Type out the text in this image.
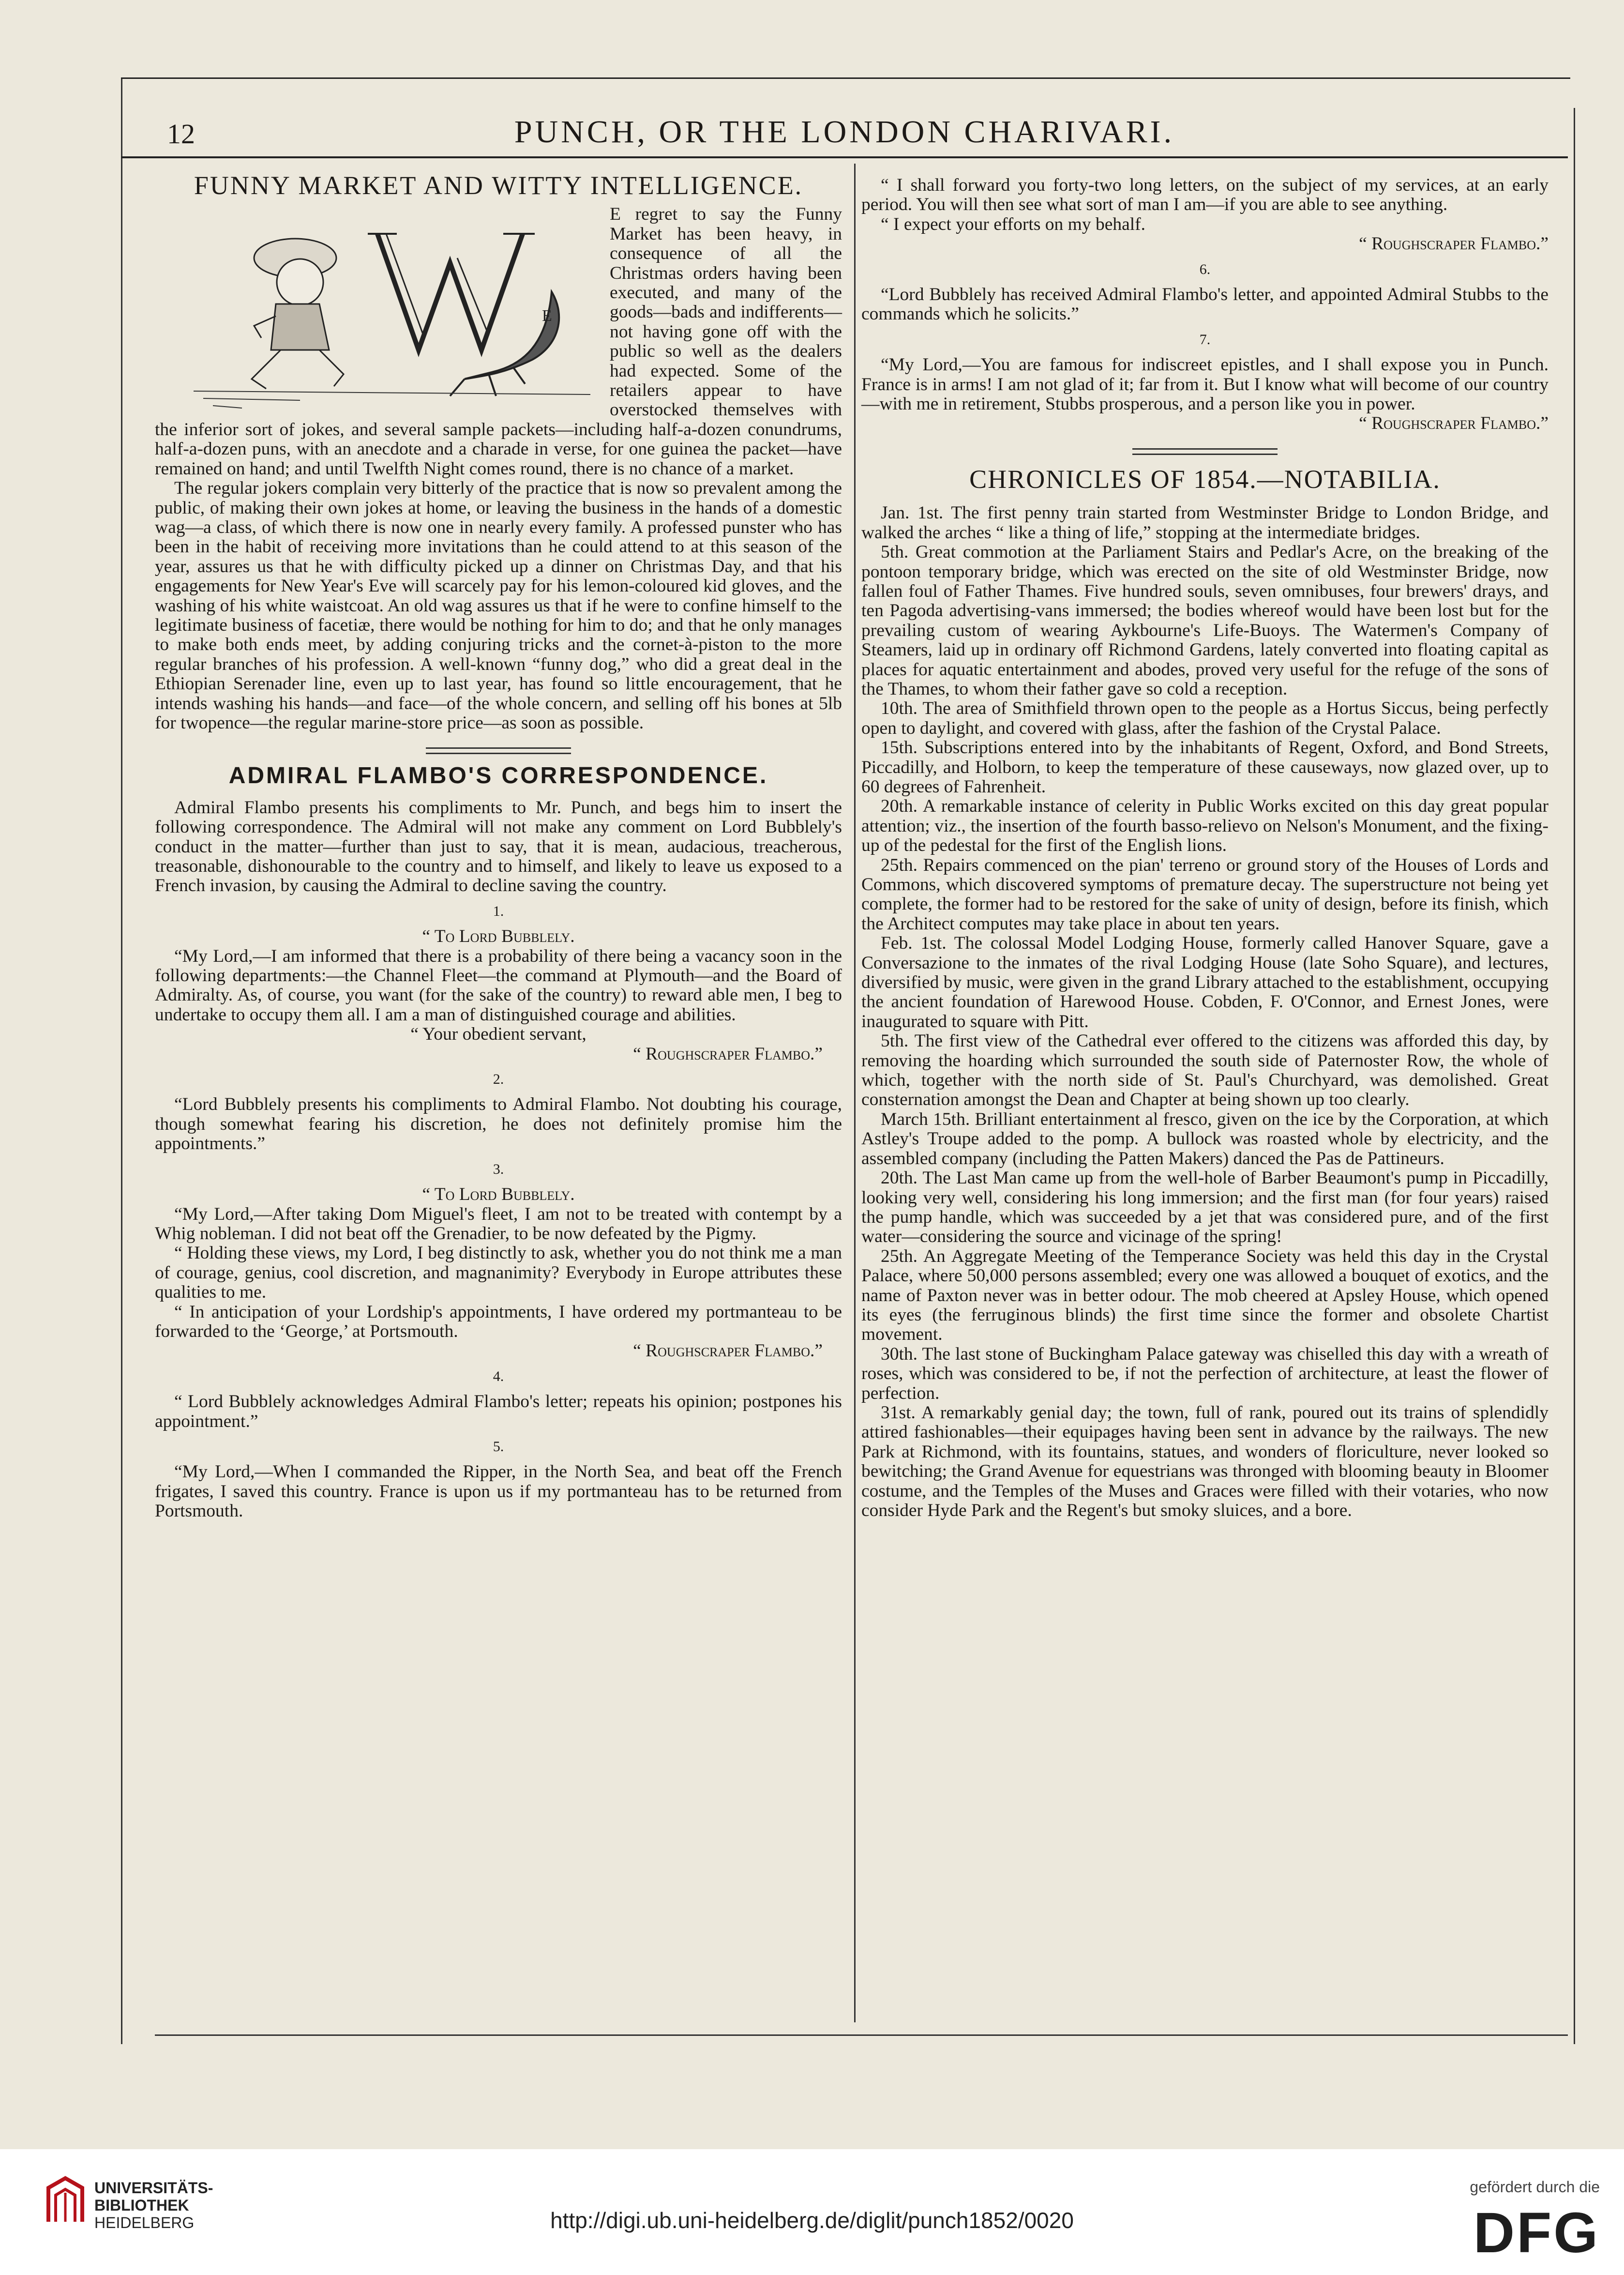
12	PUNCH, OR THE LONDON CHARIVARI.
FUNNY MARKET AND WITTY INTELLIGENCE.
E

E regret to say the Funny Market has been heavy, in consequence of all the Christmas orders having been executed, and many of the goods—bads and indifferents—not having gone off with the public so well as the dealers had expected. Some of the retailers appear to have overstocked themselves with the inferior sort of jokes, and several sample packets—including half-a-dozen conundrums, half-a-dozen puns, with an anecdote and a charade in verse, for one guinea the packet—have remained on hand; and until Twelfth Night comes round, there is no chance of a market.

The regular jokers complain very bitterly of the practice that is now so prevalent among the public, of making their own jokes at home, or leaving the business in the hands of a domestic wag—a class, of which there is now one in nearly every family. A professed punster who has been in the habit of receiving more invitations than he could attend to at this season of the year, assures us that he with difficulty picked up a dinner on Christmas Day, and that his engagements for New Year's Eve will scarcely pay for his lemon-coloured kid gloves, and the washing of his white waistcoat. An old wag assures us that if he were to confine himself to the legitimate business of facetiæ, there would be nothing for him to do; and that he only manages to make both ends meet, by adding conjuring tricks and the cornet-à-piston to the more regular branches of his profession. A well-known “funny dog,” who did a great deal in the Ethiopian Serenader line, even up to last year, has found so little encouragement, that he intends washing his hands—and face—of the whole concern, and selling off his bones at 5lb for twopence—the regular marine-store price—as soon as possible.

ADMIRAL FLAMBO'S CORRESPONDENCE.

Admiral Flambo presents his compliments to Mr. Punch, and begs him to insert the following correspondence. The Admiral will not make any comment on Lord Bubblely's conduct in the matter—further than just to say, that it is mean, audacious, treacherous, treasonable, dishonourable to the country and to himself, and likely to leave us exposed to a French invasion, by causing the Admiral to decline saving the country.

1.
“ To Lord Bubblely.

“My Lord,—I am informed that there is a probability of there being a vacancy soon in the following departments:—the Channel Fleet—the command at Plymouth—and the Board of Admiralty. As, of course, you want (for the sake of the country) to reward able men, I beg to undertake to occupy them all. I am a man of distinguished courage and abilities.

“ Your obedient servant,
“ Roughscraper Flambo.”
2.

“Lord Bubblely presents his compliments to Admiral Flambo. Not doubting his courage, though somewhat fearing his discretion, he does not definitely promise him the appointments.”

3.
“ To Lord Bubblely.

“My Lord,—After taking Dom Miguel's fleet, I am not to be treated with contempt by a Whig nobleman. I did not beat off the Grenadier, to be now defeated by the Pigmy.

“ Holding these views, my Lord, I beg distinctly to ask, whether you do not think me a man of courage, genius, cool discretion, and magnanimity? Everybody in Europe attributes these qualities to me.

“ In anticipation of your Lordship's appointments, I have ordered my portmanteau to be forwarded to the ‘George,’ at Portsmouth.

“ Roughscraper Flambo.”
4.

“ Lord Bubblely acknowledges Admiral Flambo's letter; repeats his opinion; postpones his appointment.”

5.

“My Lord,—When I commanded the Ripper, in the North Sea, and beat off the French frigates, I saved this country. France is upon us if my portmanteau has to be returned from Portsmouth.

“ I shall forward you forty-two long letters, on the subject of my services, at an early period. You will then see what sort of man I am—if you are able to see anything.

“ I expect your efforts on my behalf.

“ Roughscraper Flambo.”
6.

“Lord Bubblely has received Admiral Flambo's letter, and appointed Admiral Stubbs to the commands which he solicits.”

7.

“My Lord,—You are famous for indiscreet epistles, and I shall expose you in Punch. France is in arms! I am not glad of it; far from it. But I know what will become of our country—with me in retirement, Stubbs prosperous, and a person like you in power.

“ Roughscraper Flambo.”
CHRONICLES OF 1854.—NOTABILIA.

Jan. 1st. The first penny train started from Westminster Bridge to London Bridge, and walked the arches “ like a thing of life,” stopping at the intermediate bridges.

5th. Great commotion at the Parliament Stairs and Pedlar's Acre, on the breaking of the pontoon temporary bridge, which was erected on the site of old Westminster Bridge, now fallen foul of Father Thames. Five hundred souls, seven omnibuses, four brewers' drays, and ten Pagoda advertising-vans immersed; the bodies whereof would have been lost but for the prevailing custom of wearing Aykbourne's Life-Buoys. The Watermen's Company of Steamers, laid up in ordinary off Richmond Gardens, lately converted into floating capital as places for aquatic entertainment and abodes, proved very useful for the refuge of the sons of the Thames, to whom their father gave so cold a reception.

10th. The area of Smithfield thrown open to the people as a Hortus Siccus, being perfectly open to daylight, and covered with glass, after the fashion of the Crystal Palace.

15th. Subscriptions entered into by the inhabitants of Regent, Oxford, and Bond Streets, Piccadilly, and Holborn, to keep the temperature of these causeways, now glazed over, up to 60 degrees of Fahrenheit.

20th. A remarkable instance of celerity in Public Works excited on this day great popular attention; viz., the insertion of the fourth basso-relievo on Nelson's Monument, and the fixing-up of the pedestal for the first of the English lions.

25th. Repairs commenced on the pian' terreno or ground story of the Houses of Lords and Commons, which discovered symptoms of premature decay. The superstructure not being yet complete, the former had to be restored for the sake of unity of design, before its finish, which the Architect computes may take place in about ten years.

Feb. 1st. The colossal Model Lodging House, formerly called Hanover Square, gave a Conversazione to the inmates of the rival Lodging House (late Soho Square), and lectures, diversified by music, were given in the grand Library attached to the establishment, occupying the ancient foundation of Harewood House. Cobden, F. O'Connor, and Ernest Jones, were inaugurated to square with Pitt.

5th. The first view of the Cathedral ever offered to the citizens was afforded this day, by removing the hoarding which surrounded the south side of Paternoster Row, the whole of which, together with the north side of St. Paul's Churchyard, was demolished. Great consternation amongst the Dean and Chapter at being shown up too clearly.

March 15th. Brilliant entertainment al fresco, given on the ice by the Corporation, at which Astley's Troupe added to the pomp. A bullock was roasted whole by electricity, and the assembled company (including the Patten Makers) danced the Pas de Pattineurs.

20th. The Last Man came up from the well-hole of Barber Beaumont's pump in Piccadilly, looking very well, considering his long immersion; and the first man (for four years) raised the pump handle, which was succeeded by a jet that was considered pure, and of the first water—considering the source and vicinage of the spring!

25th. An Aggregate Meeting of the Temperance Society was held this day in the Crystal Palace, where 50,000 persons assembled; every one was allowed a bouquet of exotics, and the name of Paxton never was in better odour. The mob cheered at Apsley House, which opened its eyes (the ferruginous blinds) the first time since the former and obsolete Chartist movement.

30th. The last stone of Buckingham Palace gateway was chiselled this day with a wreath of roses, which was considered to be, if not the perfection of architecture, at least the flower of perfection.

31st. A remarkably genial day; the town, full of rank, poured out its trains of splendidly attired fashionables—their equipages having been sent in advance by the railways. The new Park at Richmond, with its fountains, statues, and wonders of floriculture, never looked so bewitching; the Grand Avenue for equestrians was thronged with blooming beauty in Bloomer costume, and the Temples of the Muses and Graces were filled with their votaries, who now consider Hyde Park and the Regent's but smoky sluices, and a bore.

UNIVERSITÄTS-
BIBLIOTHEK
HEIDELBERG	http://digi.ub.uni-heidelberg.de/diglit/punch1852/0020
gefördert durch die
DFG
